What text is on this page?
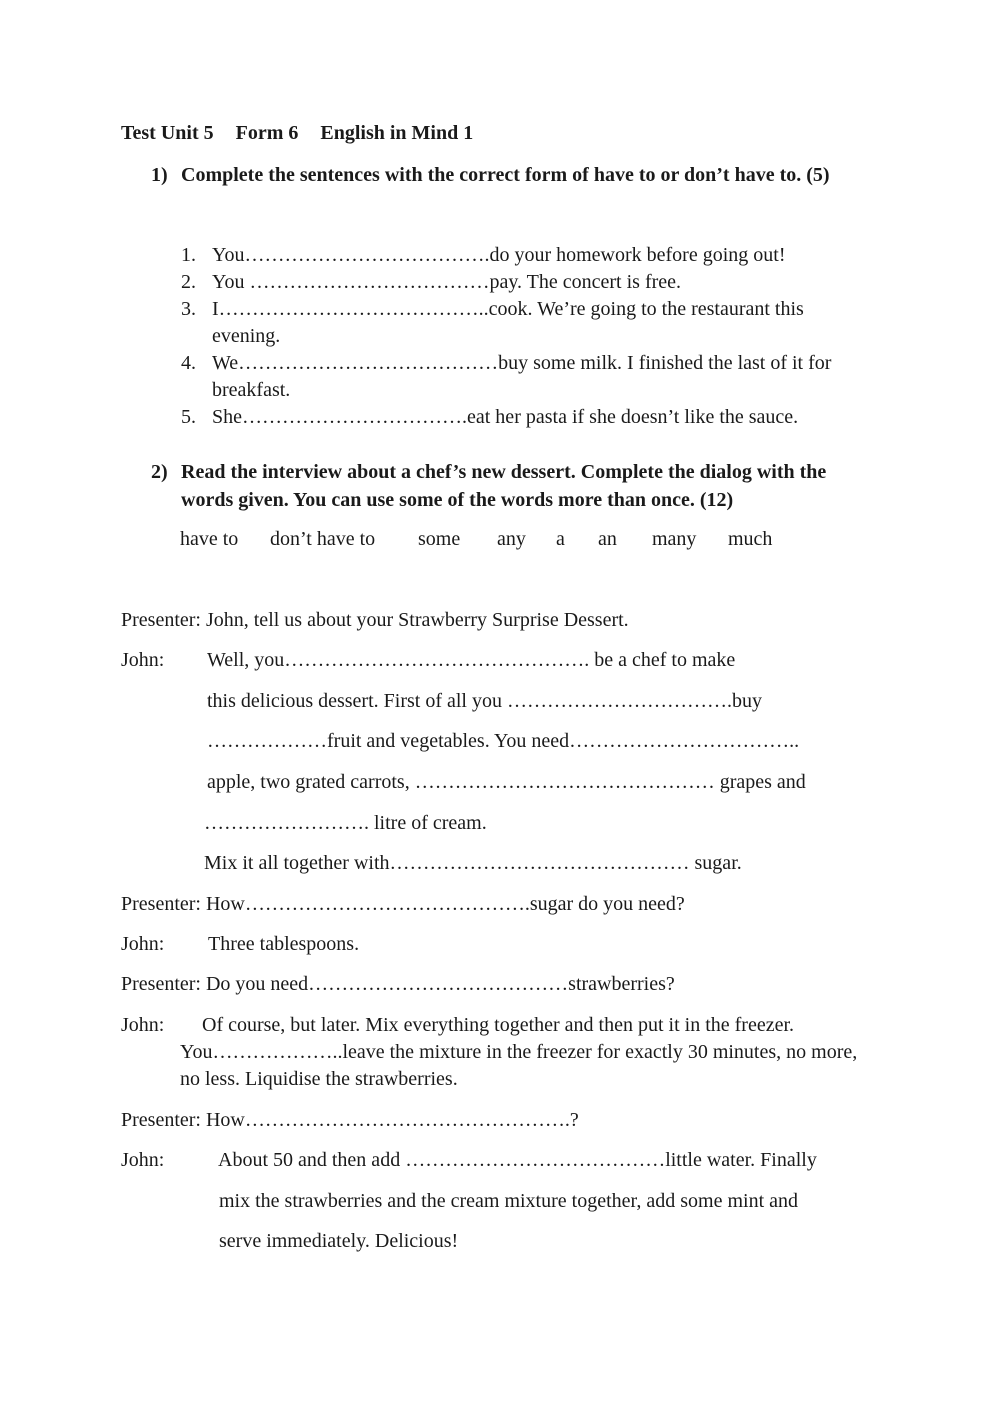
Test Unit 5 Form 6 English in Mind 1
1) Complete the sentences with the correct form of have to or don’t have to. (5)
1. You……………………………….do your homework before going out!
2. You ………………………………pay. The concert is free.
3. I…………………………………..cook. We’re going to the restaurant this evening.
4. We…………………………………buy some milk. I finished the last of it for breakfast.
5. She…………………………….eat her pasta if she doesn’t like the sauce.
2) Read the interview about a chef’s new dessert. Complete the dialog with the words given. You can use some of the words more than once. (12)
have to don’t have to some any a an many much
Presenter: John, tell us about your Strawberry Surprise Dessert.
John: Well, you………………………………………. be a chef to make
this delicious dessert. First of all you …………………………….buy
………………fruit and vegetables. You need……………………………..
apple, two grated carrots, ……………………………………… grapes and
……………………. litre of cream.
Mix it all together with……………………………………… sugar.
Presenter: How…………………………………….sugar do you need?
John: Three tablespoons.
Presenter: Do you need…………………………………strawberries?
John: Of course, but later. Mix everything together and then put it in the freezer.
You………………..leave the mixture in the freezer for exactly 30 minutes, no more, no less. Liquidise the strawberries.
Presenter: How………………………………………….?
John:	About 50 and then add …………………………………little water. Finally
mix the strawberries and the cream mixture together, add some mint and
serve immediately. Delicious!
